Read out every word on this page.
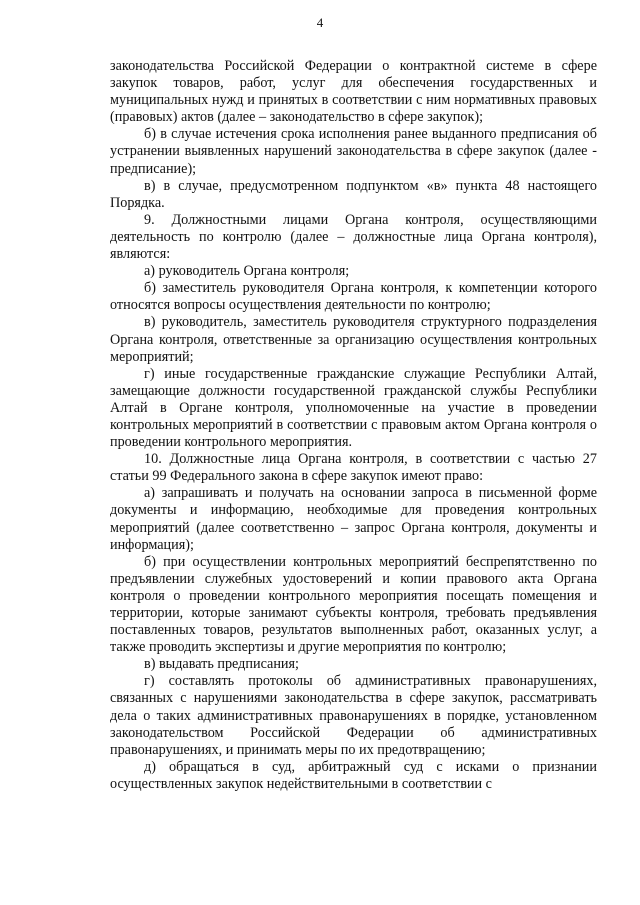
4

законодательства Российской Федерации о контрактной системе в сфере закупок товаров, работ, услуг для обеспечения государственных и муниципальных нужд и принятых в соответствии с ним нормативных правовых (правовых) актов (далее – законодательство в сфере закупок);

б) в случае истечения срока исполнения ранее выданного предписания об устранении выявленных нарушений законодательства в сфере закупок (далее - предписание);

в) в случае, предусмотренном подпунктом «в» пункта 48 настоящего Порядка.

9. Должностными лицами Органа контроля, осуществляющими деятельность по контролю (далее – должностные лица Органа контроля), являются:

а) руководитель Органа контроля;

б) заместитель руководителя Органа контроля, к компетенции которого относятся вопросы осуществления деятельности по контролю;

в) руководитель, заместитель руководителя структурного подразделения Органа контроля, ответственные за организацию осуществления контрольных мероприятий;

г) иные государственные гражданские служащие Республики Алтай, замещающие должности государственной гражданской службы Республики Алтай в Органе контроля, уполномоченные на участие в проведении контрольных мероприятий в соответствии с правовым актом Органа контроля о проведении контрольного мероприятия.

10. Должностные лица Органа контроля, в соответствии с частью 27 статьи 99 Федерального закона в сфере закупок имеют право:

а) запрашивать и получать на основании запроса в письменной форме документы и информацию, необходимые для проведения контрольных мероприятий (далее соответственно – запрос Органа контроля, документы и информация);

б) при осуществлении контрольных мероприятий беспрепятственно по предъявлении служебных удостоверений и копии правового акта Органа контроля о проведении контрольного мероприятия посещать помещения и территории, которые занимают субъекты контроля, требовать предъявления поставленных товаров, результатов выполненных работ, оказанных услуг, а также проводить экспертизы и другие мероприятия по контролю;

в) выдавать предписания;

г) составлять протоколы об административных правонарушениях, связанных с нарушениями законодательства в сфере закупок, рассматривать дела о таких административных правонарушениях в порядке, установленном законодательством Российской Федерации об административных правонарушениях, и принимать меры по их предотвращению;

д) обращаться в суд, арбитражный суд с исками о признании осуществленных закупок недействительными в соответствии с
